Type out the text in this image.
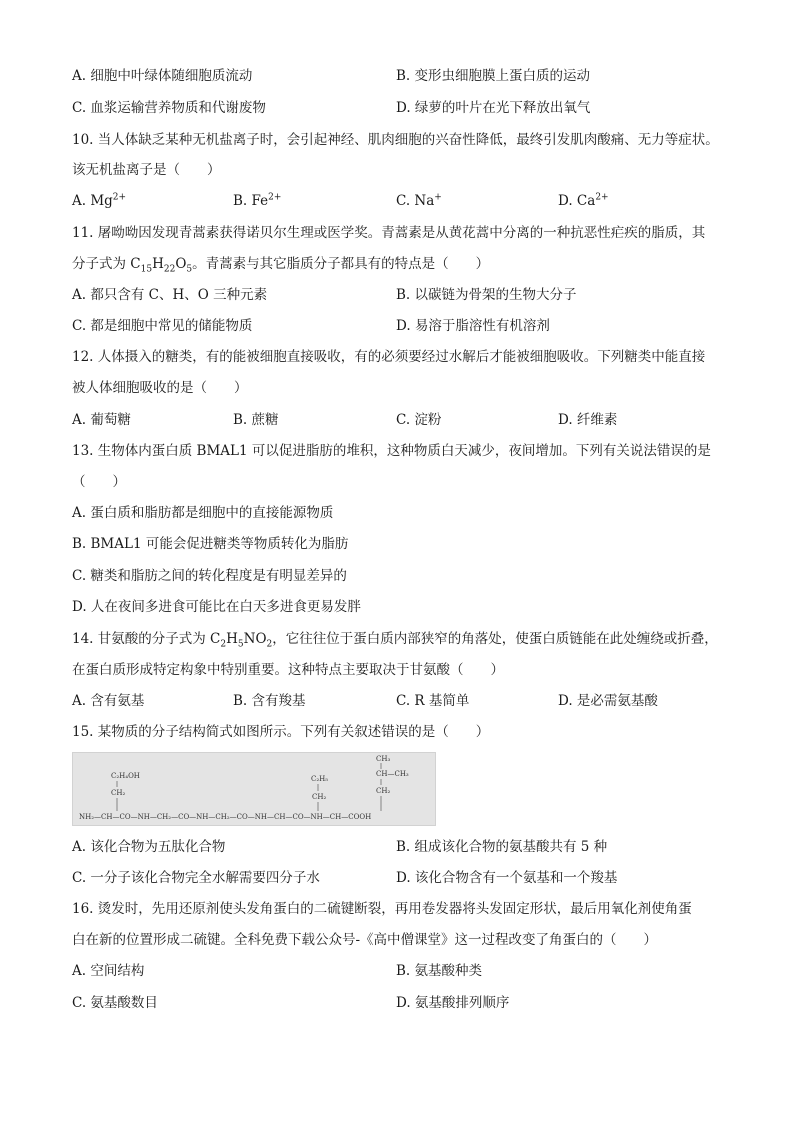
A. 细胞中叶绿体随细胞质流动	B. 变形虫细胞膜上蛋白质的运动
C. 血浆运输营养物质和代谢废物	D. 绿萝的叶片在光下释放出氧气
10. 当人体缺乏某种无机盐离子时，会引起神经、肌肉细胞的兴奋性降低，最终引发肌肉酸痛、无力等症状。
该无机盐离子是（　　）
A. $Mg^{2+}$	B. $Fe^{2+}$	C. Na+	D. $Ca^{2+}$
11. 屠呦呦因发现青蒿素获得诺贝尔生理或医学奖。青蒿素是从黄花蒿中分离的一种抗恶性疟疾的脂质，其
分子式为 $C_{15}H_{22}O_5$。青蒿素与其它脂质分子都具有的特点是（　　）
A. 都只含有 C、H、O 三种元素	B. 以碳链为骨架的生物大分子
C. 都是细胞中常见的储能物质	D. 易溶于脂溶性有机溶剂
12. 人体摄入的糖类，有的能被细胞直接吸收，有的必须要经过水解后才能被细胞吸收。下列糖类中能直接
被人体细胞吸收的是（　　）
A. 葡萄糖	B. 蔗糖	C. 淀粉	D. 纤维素
13. 生物体内蛋白质 BMAL1 可以促进脂肪的堆积，这种物质白天减少，夜间增加。下列有关说法错误的是
（　　）
A. 蛋白质和脂肪都是细胞中的直接能源物质
B. BMAL1 可能会促进糖类等物质转化为脂肪
C. 糖类和脂肪之间的转化程度是有明显差异的
D. 人在夜间多进食可能比在白天多进食更易发胖
14. 甘氨酸的分子式为 $C_2H_5NO_2$，它往往位于蛋白质内部狭窄的角落处，使蛋白质链能在此处缠绕或折叠，
在蛋白质形成特定构象中特别重要。这种特点主要取决于甘氨酸（　　）
A. 含有氨基	B. 含有羧基	C. R 基简单	D. 是必需氨基酸
15. 某物质的分子结构简式如图所示。下列有关叙述错误的是（　　）
C₂H₄OH
CH₂
C₂H₅
CH₂
CH₃
CH—CH₃
CH₂
NH₂—CH—CO—NH—CH₂—CO—NH—CH₂—CO—NH—CH—CO—NH—CH—COOH
A. 该化合物为五肽化合物	B. 组成该化合物的氨基酸共有 5 种
C. 一分子该化合物完全水解需要四分子水	D. 该化合物含有一个氨基和一个羧基
16. 烫发时，先用还原剂使头发角蛋白的二硫键断裂，再用卷发器将头发固定形状，最后用氧化剂使角蛋
白在新的位置形成二硫键。全科免费下载公众号-《高中僧课堂》这一过程改变了角蛋白的（　　）
A. 空间结构	B. 氨基酸种类
C. 氨基酸数目	D. 氨基酸排列顺序
